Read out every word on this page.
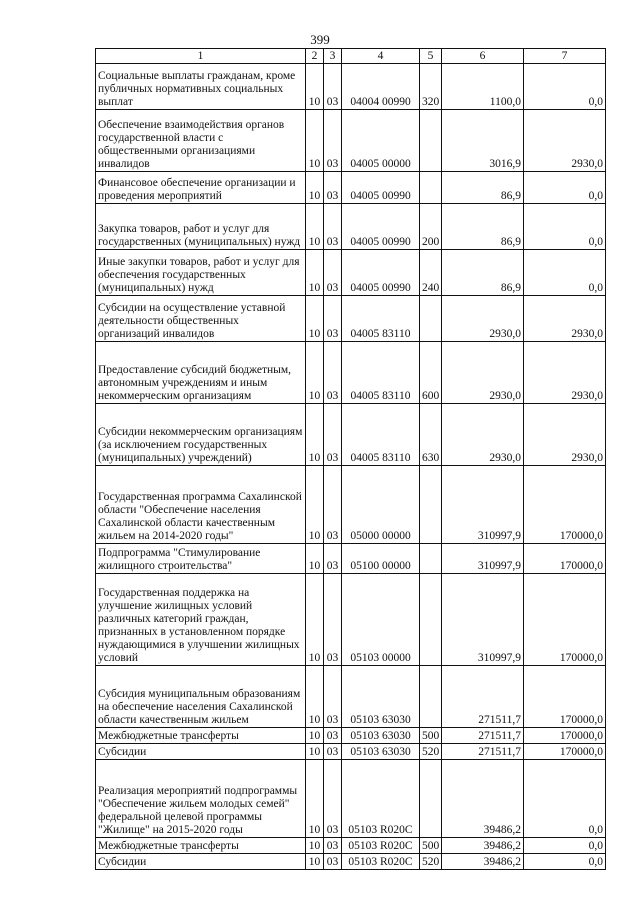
399
1	2	3	4	5	6	7
Социальные выплаты гражданам, кроме публичных нормативных социальных выплат	10	03	04004 00990	320	1100,0	0,0
Обеспечение взаимодействия органов государственной власти с общественными организациями инвалидов	10	03	04005 00000		3016,9	2930,0
Финансовое обеспечение организации и проведения мероприятий	10	03	04005 00990		86,9	0,0
Закупка товаров, работ и услуг для государственных (муниципальных) нужд	10	03	04005 00990	200	86,9	0,0
Иные закупки товаров, работ и услуг для обеспечения государственных (муниципальных) нужд	10	03	04005 00990	240	86,9	0,0
Субсидии на осуществление уставной деятельности общественных организаций инвалидов	10	03	04005 83110		2930,0	2930,0
Предоставление субсидий бюджетным, автономным учреждениям и иным некоммерческим организациям	10	03	04005 83110	600	2930,0	2930,0
Субсидии некоммерческим организациям (за исключением государственных (муниципальных) учреждений)	10	03	04005 83110	630	2930,0	2930,0
Государственная программа Сахалинской области "Обеспечение населения Сахалинской области качественным жильем на 2014-2020 годы"	10	03	05000 00000		310997,9	170000,0
Подпрограмма "Стимулирование жилищного строительства"	10	03	05100 00000		310997,9	170000,0
Государственная поддержка на улучшение жилищных условий различных категорий граждан, признанных в установленном порядке нуждающимися в улучшении жилищных условий	10	03	05103 00000		310997,9	170000,0
Субсидия муниципальным образованиям на обеспечение населения Сахалинской области качественным жильем	10	03	05103 63030		271511,7	170000,0
Межбюджетные трансферты	10	03	05103 63030	500	271511,7	170000,0
Субсидии	10	03	05103 63030	520	271511,7	170000,0
Реализация мероприятий подпрограммы "Обеспечение жильем молодых семей" федеральной целевой программы "Жилище" на 2015-2020 годы	10	03	05103 R020C		39486,2	0,0
Межбюджетные трансферты	10	03	05103 R020C	500	39486,2	0,0
Субсидии	10	03	05103 R020C	520	39486,2	0,0
